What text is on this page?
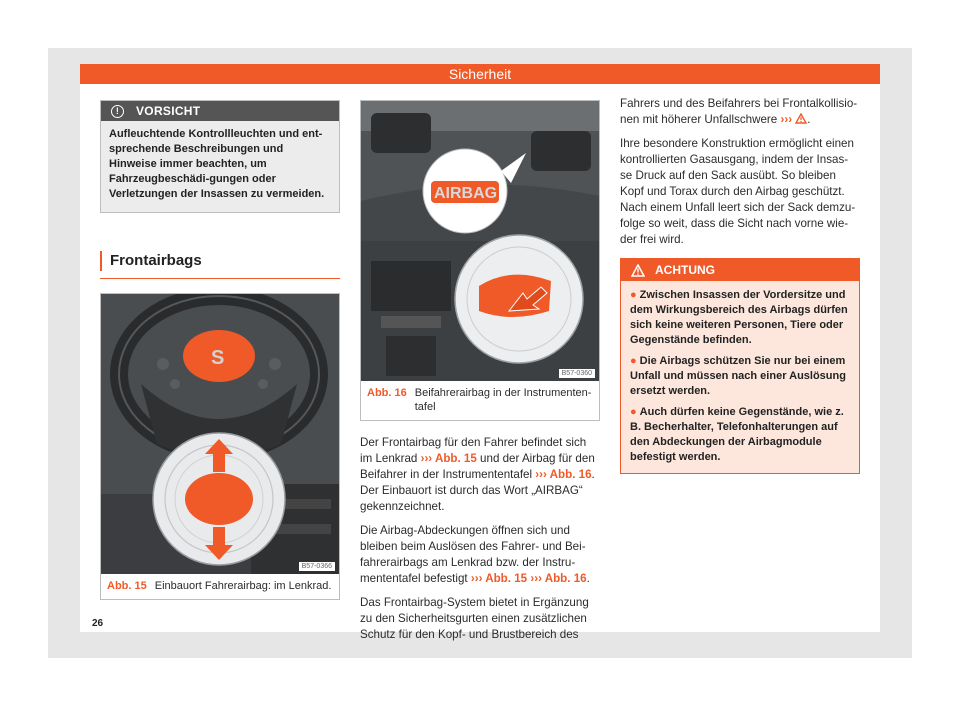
Sicherheit
!	VORSICHT
Aufleuchtende Kontrollleuchten und ent-sprechende Beschreibungen und Hinweise immer beachten, um Fahrzeugbeschädi-gungen oder Verletzungen der Insassen zu vermeiden.
Frontairbags
S
B57-0366
Abb. 15 Einbauort Fahrerairbag: im Lenkrad.
AIRBAG
B57-0360
Abb. 16 Beifahrerairbag in der Instrumenten-tafel

Der Frontairbag für den Fahrer befindet sich im Lenkrad ››› Abb. 15 und der Airbag für den Beifahrer in der Instrumententafel ››› Abb. 16. Der Einbauort ist durch das Wort „AIRBAG“ gekennzeichnet.

Die Airbag-Abdeckungen öffnen sich und bleiben beim Auslösen des Fahrer- und Bei-fahrerairbags am Lenkrad bzw. der Instru-mententafel befestigt ››› Abb. 15 ››› Abb. 16.

Das Frontairbag-System bietet in Ergänzung zu den Sicherheitsgurten einen zusätzlichen Schutz für den Kopf- und Brustbereich des

Fahrers und des Beifahrers bei Frontalkollisio-nen mit höherer Unfallschwere ››› .

Ihre besondere Konstruktion ermöglicht einen kontrollierten Gasausgang, indem der Insas-se Druck auf den Sack ausübt. So bleiben Kopf und Torax durch den Airbag geschützt. Nach einem Unfall leert sich der Sack demzu-folge so weit, dass die Sicht nach vorne wie-der frei wird.

ACHTUNG
● Zwischen Insassen der Vordersitze und dem Wirkungsbereich des Airbags dürfen sich keine weiteren Personen, Tiere oder Gegenstände befinden.
● Die Airbags schützen Sie nur bei einem Unfall und müssen nach einer Auslösung ersetzt werden.
● Auch dürfen keine Gegenstände, wie z. B. Becherhalter, Telefonhalterungen auf den Abdeckungen der Airbagmodule befestigt werden.
26
